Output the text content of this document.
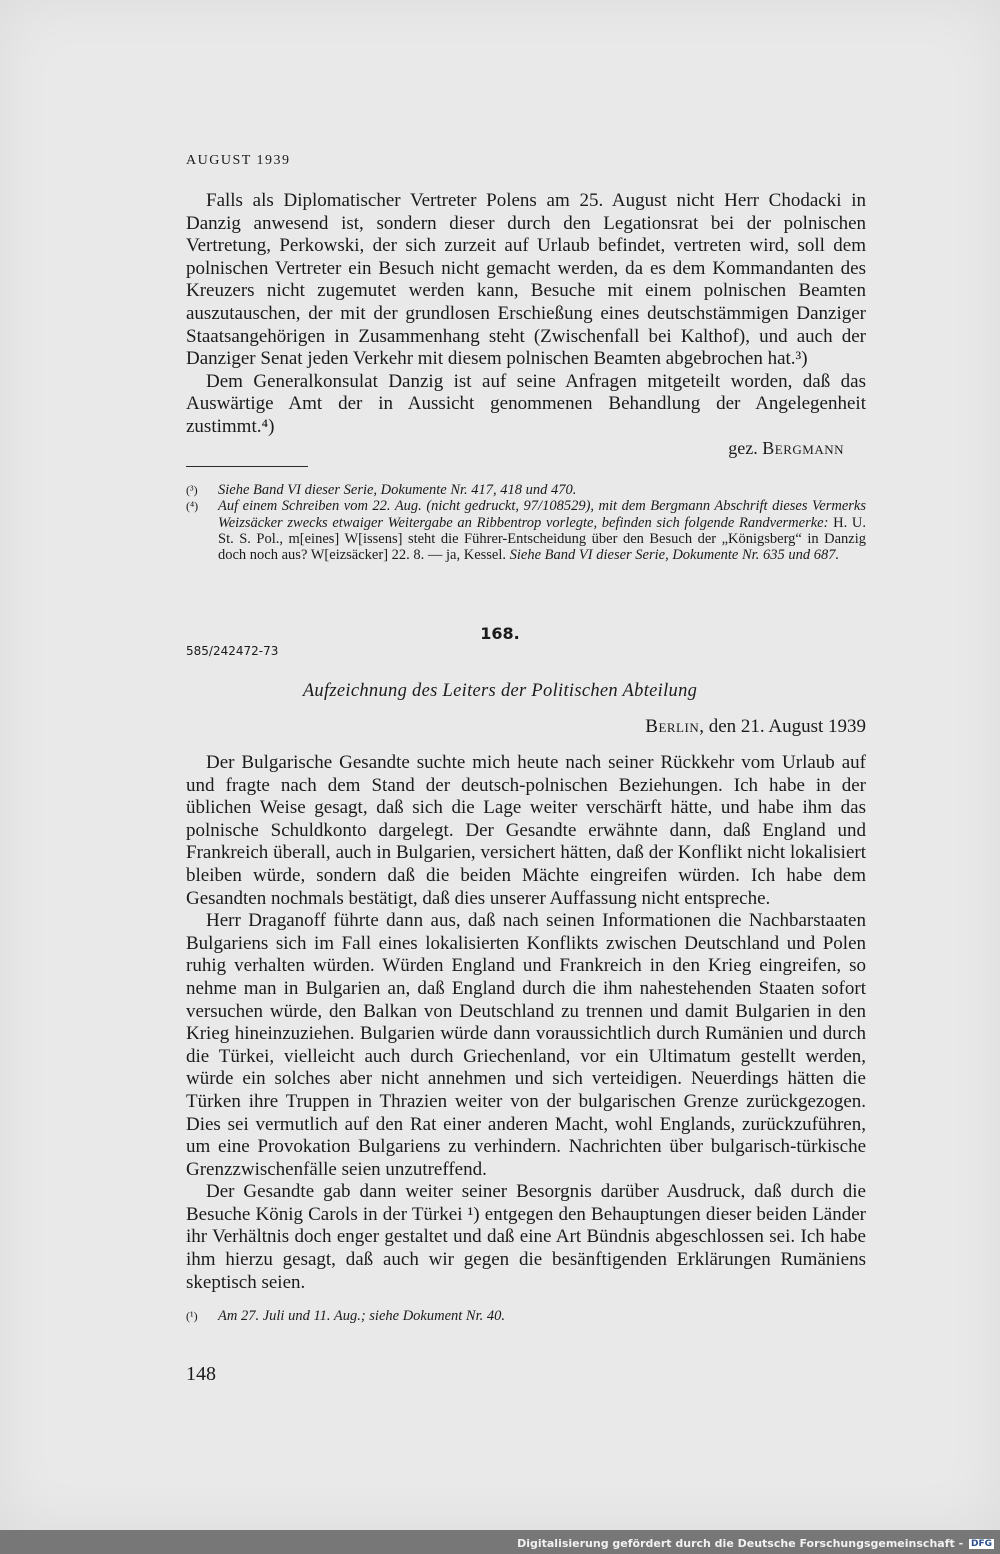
AUGUST 1939

Falls als Diplomatischer Vertreter Polens am 25. August nicht Herr Chodacki in Danzig anwesend ist, sondern dieser durch den Legationsrat bei der polnischen Vertretung, Perkowski, der sich zurzeit auf Urlaub befindet, vertreten wird, soll dem polnischen Vertreter ein Besuch nicht gemacht werden, da es dem Kommandanten des Kreuzers nicht zugemutet werden kann, Besuche mit einem polnischen Beamten auszutauschen, der mit der grundlosen Erschießung eines deutschstämmigen Danziger Staatsangehörigen in Zusammenhang steht (Zwischenfall bei Kalthof), und auch der Danziger Senat jeden Verkehr mit diesem polnischen Beamten abgebrochen hat.³)

Dem Generalkonsulat Danzig ist auf seine Anfragen mitgeteilt worden, daß das Auswärtige Amt der in Aussicht genommenen Behandlung der Angelegenheit zustimmt.⁴)

gez. Bergmann
(³) Siehe Band VI dieser Serie, Dokumente Nr. 417, 418 und 470.
(⁴) Auf einem Schreiben vom 22. Aug. (nicht gedruckt, 97/108529), mit dem Bergmann Abschrift dieses Vermerks Weizsäcker zwecks etwaiger Weitergabe an Ribbentrop vorlegte, befinden sich folgende Randvermerke: H. U. St. S. Pol., m[eines] W[issens] steht die Führer-Entscheidung über den Besuch der „Königsberg“ in Danzig doch noch aus? W[eizsäcker] 22. 8. — ja, Kessel. Siehe Band VI dieser Serie, Dokumente Nr. 635 und 687.
168.
585/242472-73
Aufzeichnung des Leiters der Politischen Abteilung
Berlin, den 21. August 1939

Der Bulgarische Gesandte suchte mich heute nach seiner Rückkehr vom Urlaub auf und fragte nach dem Stand der deutsch-polnischen Beziehungen. Ich habe in der üblichen Weise gesagt, daß sich die Lage weiter verschärft hätte, und habe ihm das polnische Schuldkonto dargelegt. Der Gesandte erwähnte dann, daß England und Frankreich überall, auch in Bulgarien, versichert hätten, daß der Konflikt nicht lokalisiert bleiben würde, sondern daß die beiden Mächte eingreifen würden. Ich habe dem Gesandten nochmals bestätigt, daß dies unserer Auffassung nicht entspreche.

Herr Draganoff führte dann aus, daß nach seinen Informationen die Nachbarstaaten Bulgariens sich im Fall eines lokalisierten Konflikts zwischen Deutschland und Polen ruhig verhalten würden. Würden England und Frankreich in den Krieg eingreifen, so nehme man in Bulgarien an, daß England durch die ihm nahestehenden Staaten sofort versuchen würde, den Balkan von Deutschland zu trennen und damit Bulgarien in den Krieg hineinzuziehen. Bulgarien würde dann voraussichtlich durch Rumänien und durch die Türkei, vielleicht auch durch Griechenland, vor ein Ultimatum gestellt werden, würde ein solches aber nicht annehmen und sich verteidigen. Neuerdings hätten die Türken ihre Truppen in Thrazien weiter von der bulgarischen Grenze zurückgezogen. Dies sei vermutlich auf den Rat einer anderen Macht, wohl Englands, zurückzuführen, um eine Provokation Bulgariens zu verhindern. Nachrichten über bulgarisch-türkische Grenzzwischenfälle seien unzutreffend.

Der Gesandte gab dann weiter seiner Besorgnis darüber Ausdruck, daß durch die Besuche König Carols in der Türkei ¹) entgegen den Behauptungen dieser beiden Länder ihr Verhältnis doch enger gestaltet und daß eine Art Bündnis abgeschlossen sei. Ich habe ihm hierzu gesagt, daß auch wir gegen die besänftigenden Erklärungen Rumäniens skeptisch seien.

(¹) Am 27. Juli und 11. Aug.; siehe Dokument Nr. 40.
148
Digitalisierung gefördert durch die Deutsche Forschungsgemeinschaft - DFG
